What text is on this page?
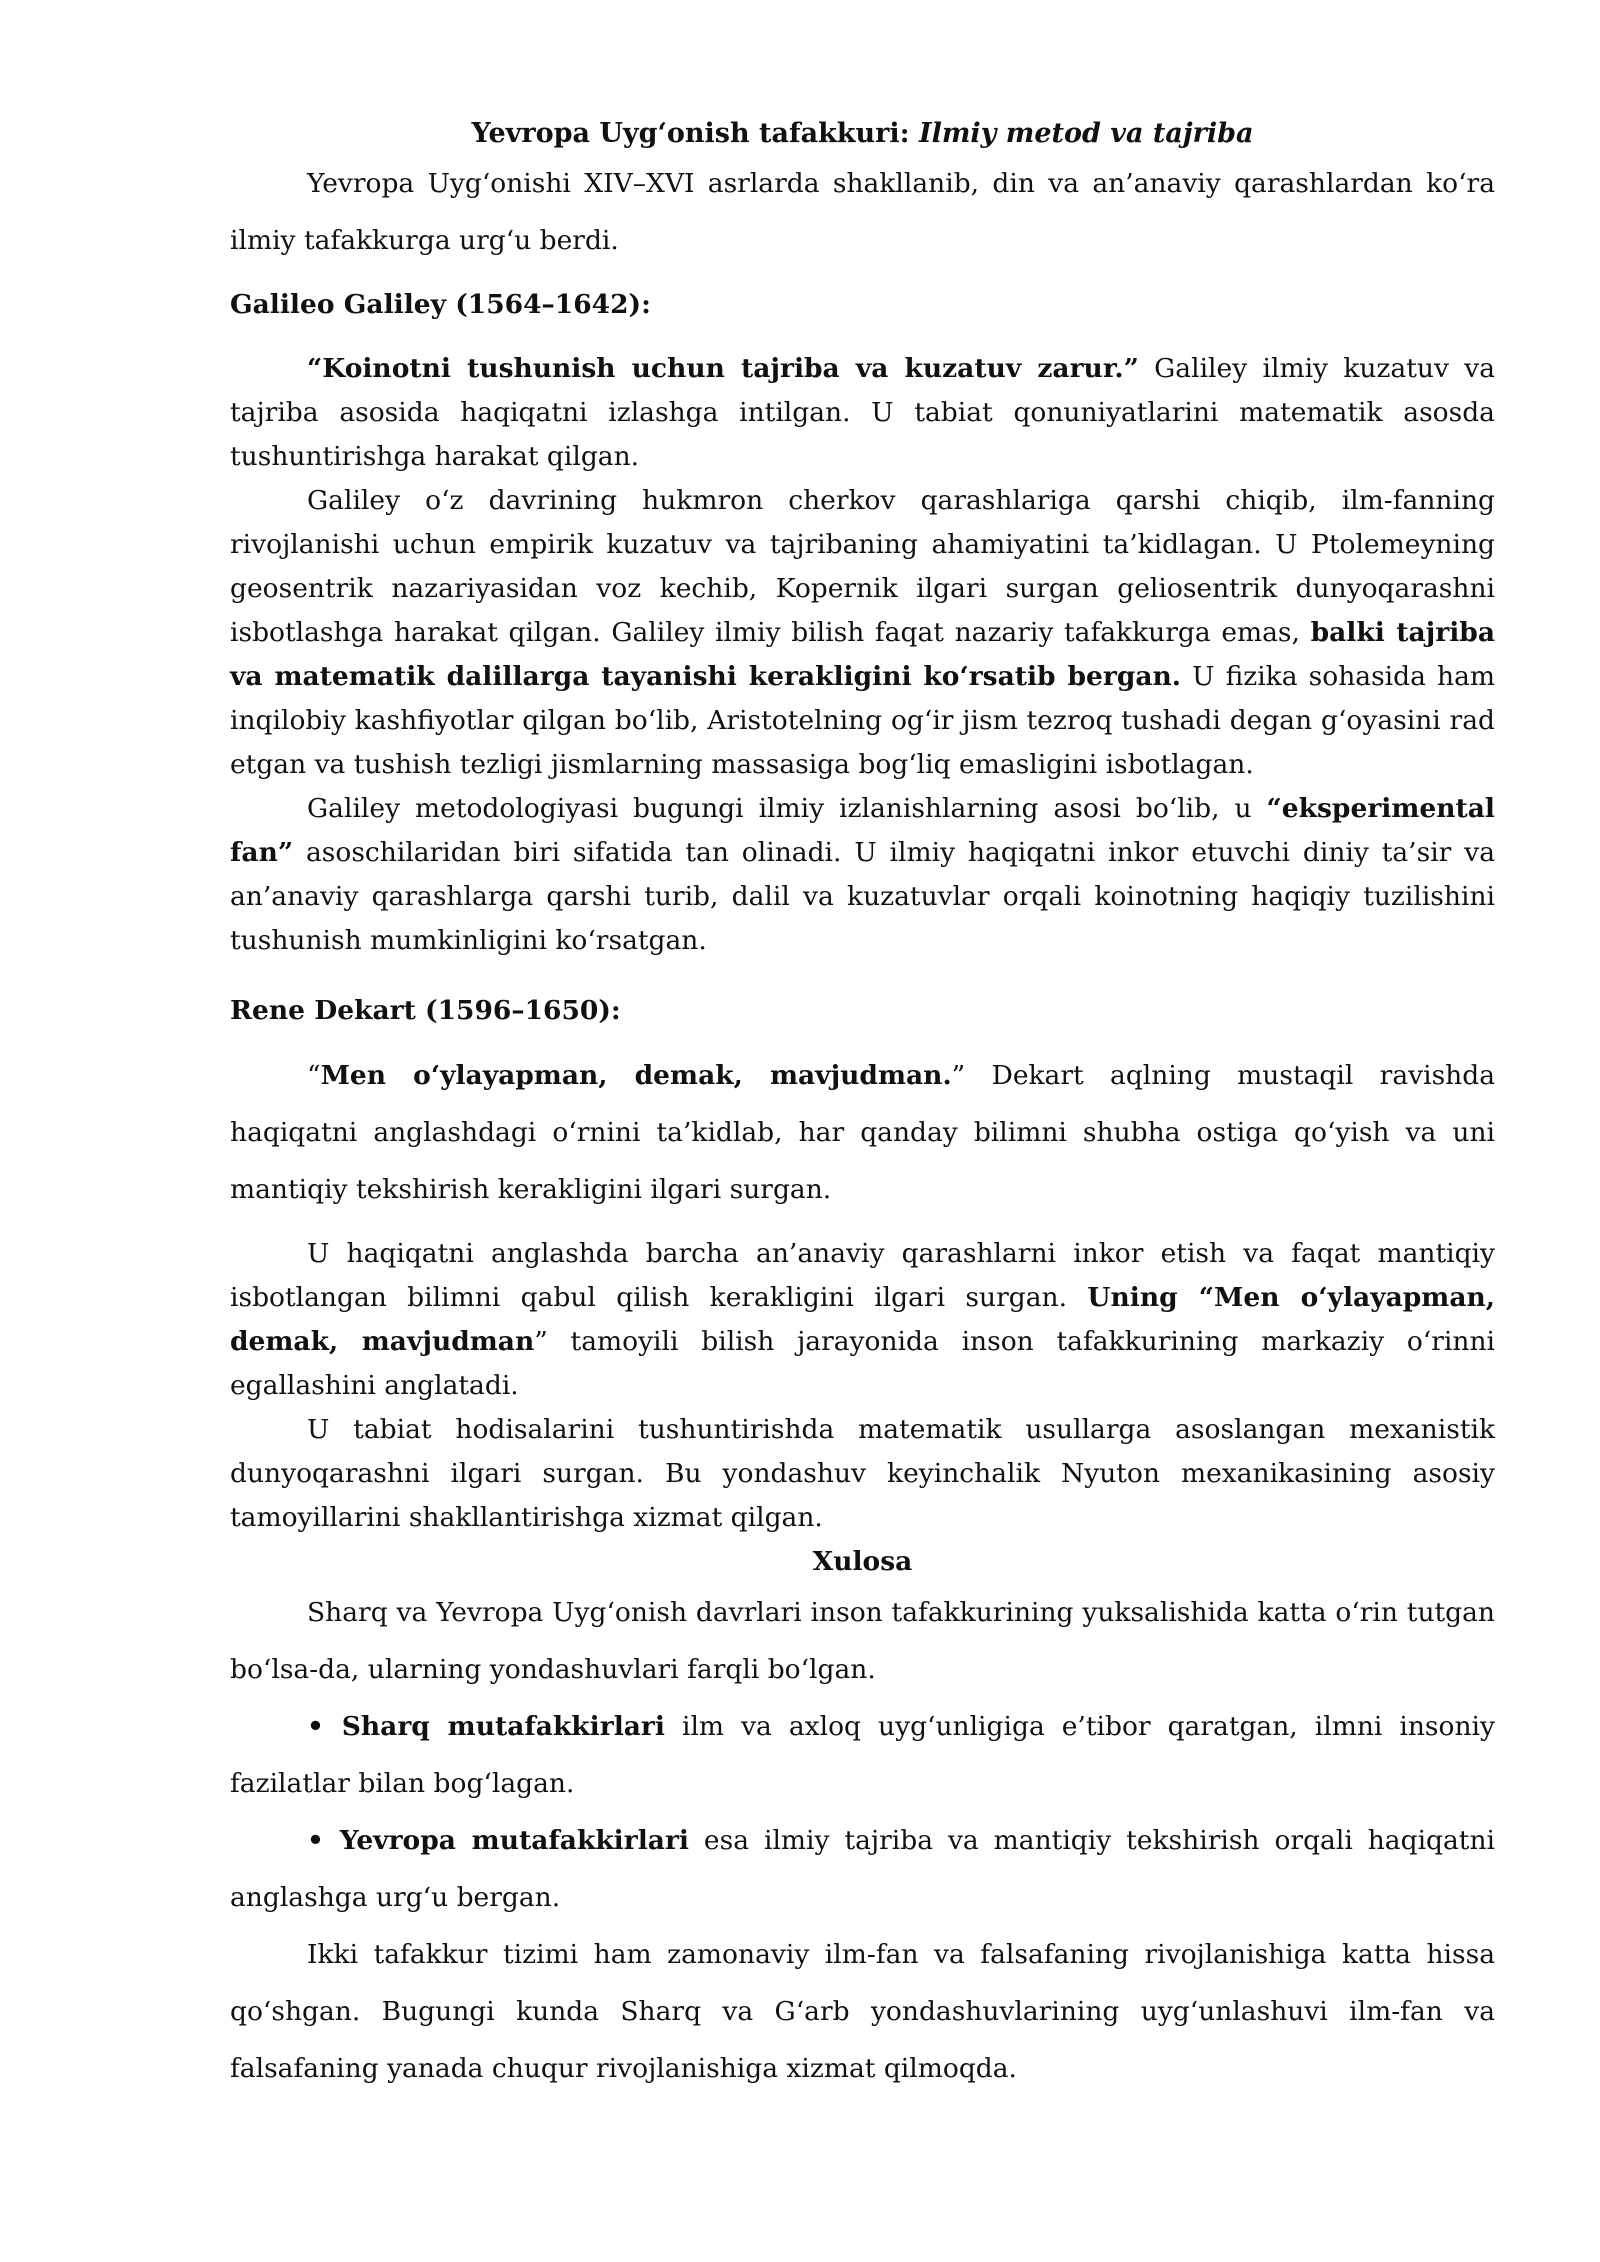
Yevropa Uyg‘onish tafakkuri: Ilmiy metod va tajriba

Yevropa Uyg‘onishi XIV–XVI asrlarda shakllanib, din va an’anaviy qarashlardan ko‘ra ilmiy tafakkurga urg‘u berdi.

Galileo Galiley (1564–1642):

“Koinotni tushunish uchun tajriba va kuzatuv zarur.” Galiley ilmiy kuzatuv va tajriba asosida haqiqatni izlashga intilgan. U tabiat qonuniyatlarini matematik asosda tushuntirishga harakat qilgan.

Galiley o‘z davrining hukmron cherkov qarashlariga qarshi chiqib, ilm-fanning rivojlanishi uchun empirik kuzatuv va tajribaning ahamiyatini ta’kidlagan. U Ptolemeyning geosentrik nazariyasidan voz kechib, Kopernik ilgari surgan geliosentrik dunyoqarashni isbotlashga harakat qilgan. Galiley ilmiy bilish faqat nazariy tafakkurga emas, balki tajriba va matematik dalillarga tayanishi kerakligini ko‘rsatib bergan. U fizika sohasida ham inqilobiy kashfiyotlar qilgan bo‘lib, Aristotelning og‘ir jism tezroq tushadi degan g‘oyasini rad etgan va tushish tezligi jismlarning massasiga bog‘liq emasligini isbotlagan.

Galiley metodologiyasi bugungi ilmiy izlanishlarning asosi bo‘lib, u “eksperimental fan” asoschilaridan biri sifatida tan olinadi. U ilmiy haqiqatni inkor etuvchi diniy ta’sir va an’anaviy qarashlarga qarshi turib, dalil va kuzatuvlar orqali koinotning haqiqiy tuzilishini tushunish mumkinligini ko‘rsatgan.

Rene Dekart (1596–1650):

“Men o‘ylayapman, demak, mavjudman.” Dekart aqlning mustaqil ravishda haqiqatni anglashdagi o‘rnini ta’kidlab, har qanday bilimni shubha ostiga qo‘yish va uni mantiqiy tekshirish kerakligini ilgari surgan.

U haqiqatni anglashda barcha an’anaviy qarashlarni inkor etish va faqat mantiqiy isbotlangan bilimni qabul qilish kerakligini ilgari surgan. Uning “Men o‘ylayapman, demak, mavjudman” tamoyili bilish jarayonida inson tafakkurining markaziy o‘rinni egallashini anglatadi.

U tabiat hodisalarini tushuntirishda matematik usullarga asoslangan mexanistik dunyoqarashni ilgari surgan. Bu yondashuv keyinchalik Nyuton mexanikasining asosiy tamoyillarini shakllantirishga xizmat qilgan.

Xulosa

Sharq va Yevropa Uyg‘onish davrlari inson tafakkurining yuksalishida katta o‘rin tutgan bo‘lsa-da, ularning yondashuvlari farqli bo‘lgan.

• Sharq mutafakkirlari ilm va axloq uyg‘unligiga e’tibor qaratgan, ilmni insoniy fazilatlar bilan bog‘lagan.

• Yevropa mutafakkirlari esa ilmiy tajriba va mantiqiy tekshirish orqali haqiqatni anglashga urg‘u bergan.

Ikki tafakkur tizimi ham zamonaviy ilm-fan va falsafaning rivojlanishiga katta hissa qo‘shgan. Bugungi kunda Sharq va G‘arb yondashuvlarining uyg‘unlashuvi ilm-fan va falsafaning yanada chuqur rivojlanishiga xizmat qilmoqda.
